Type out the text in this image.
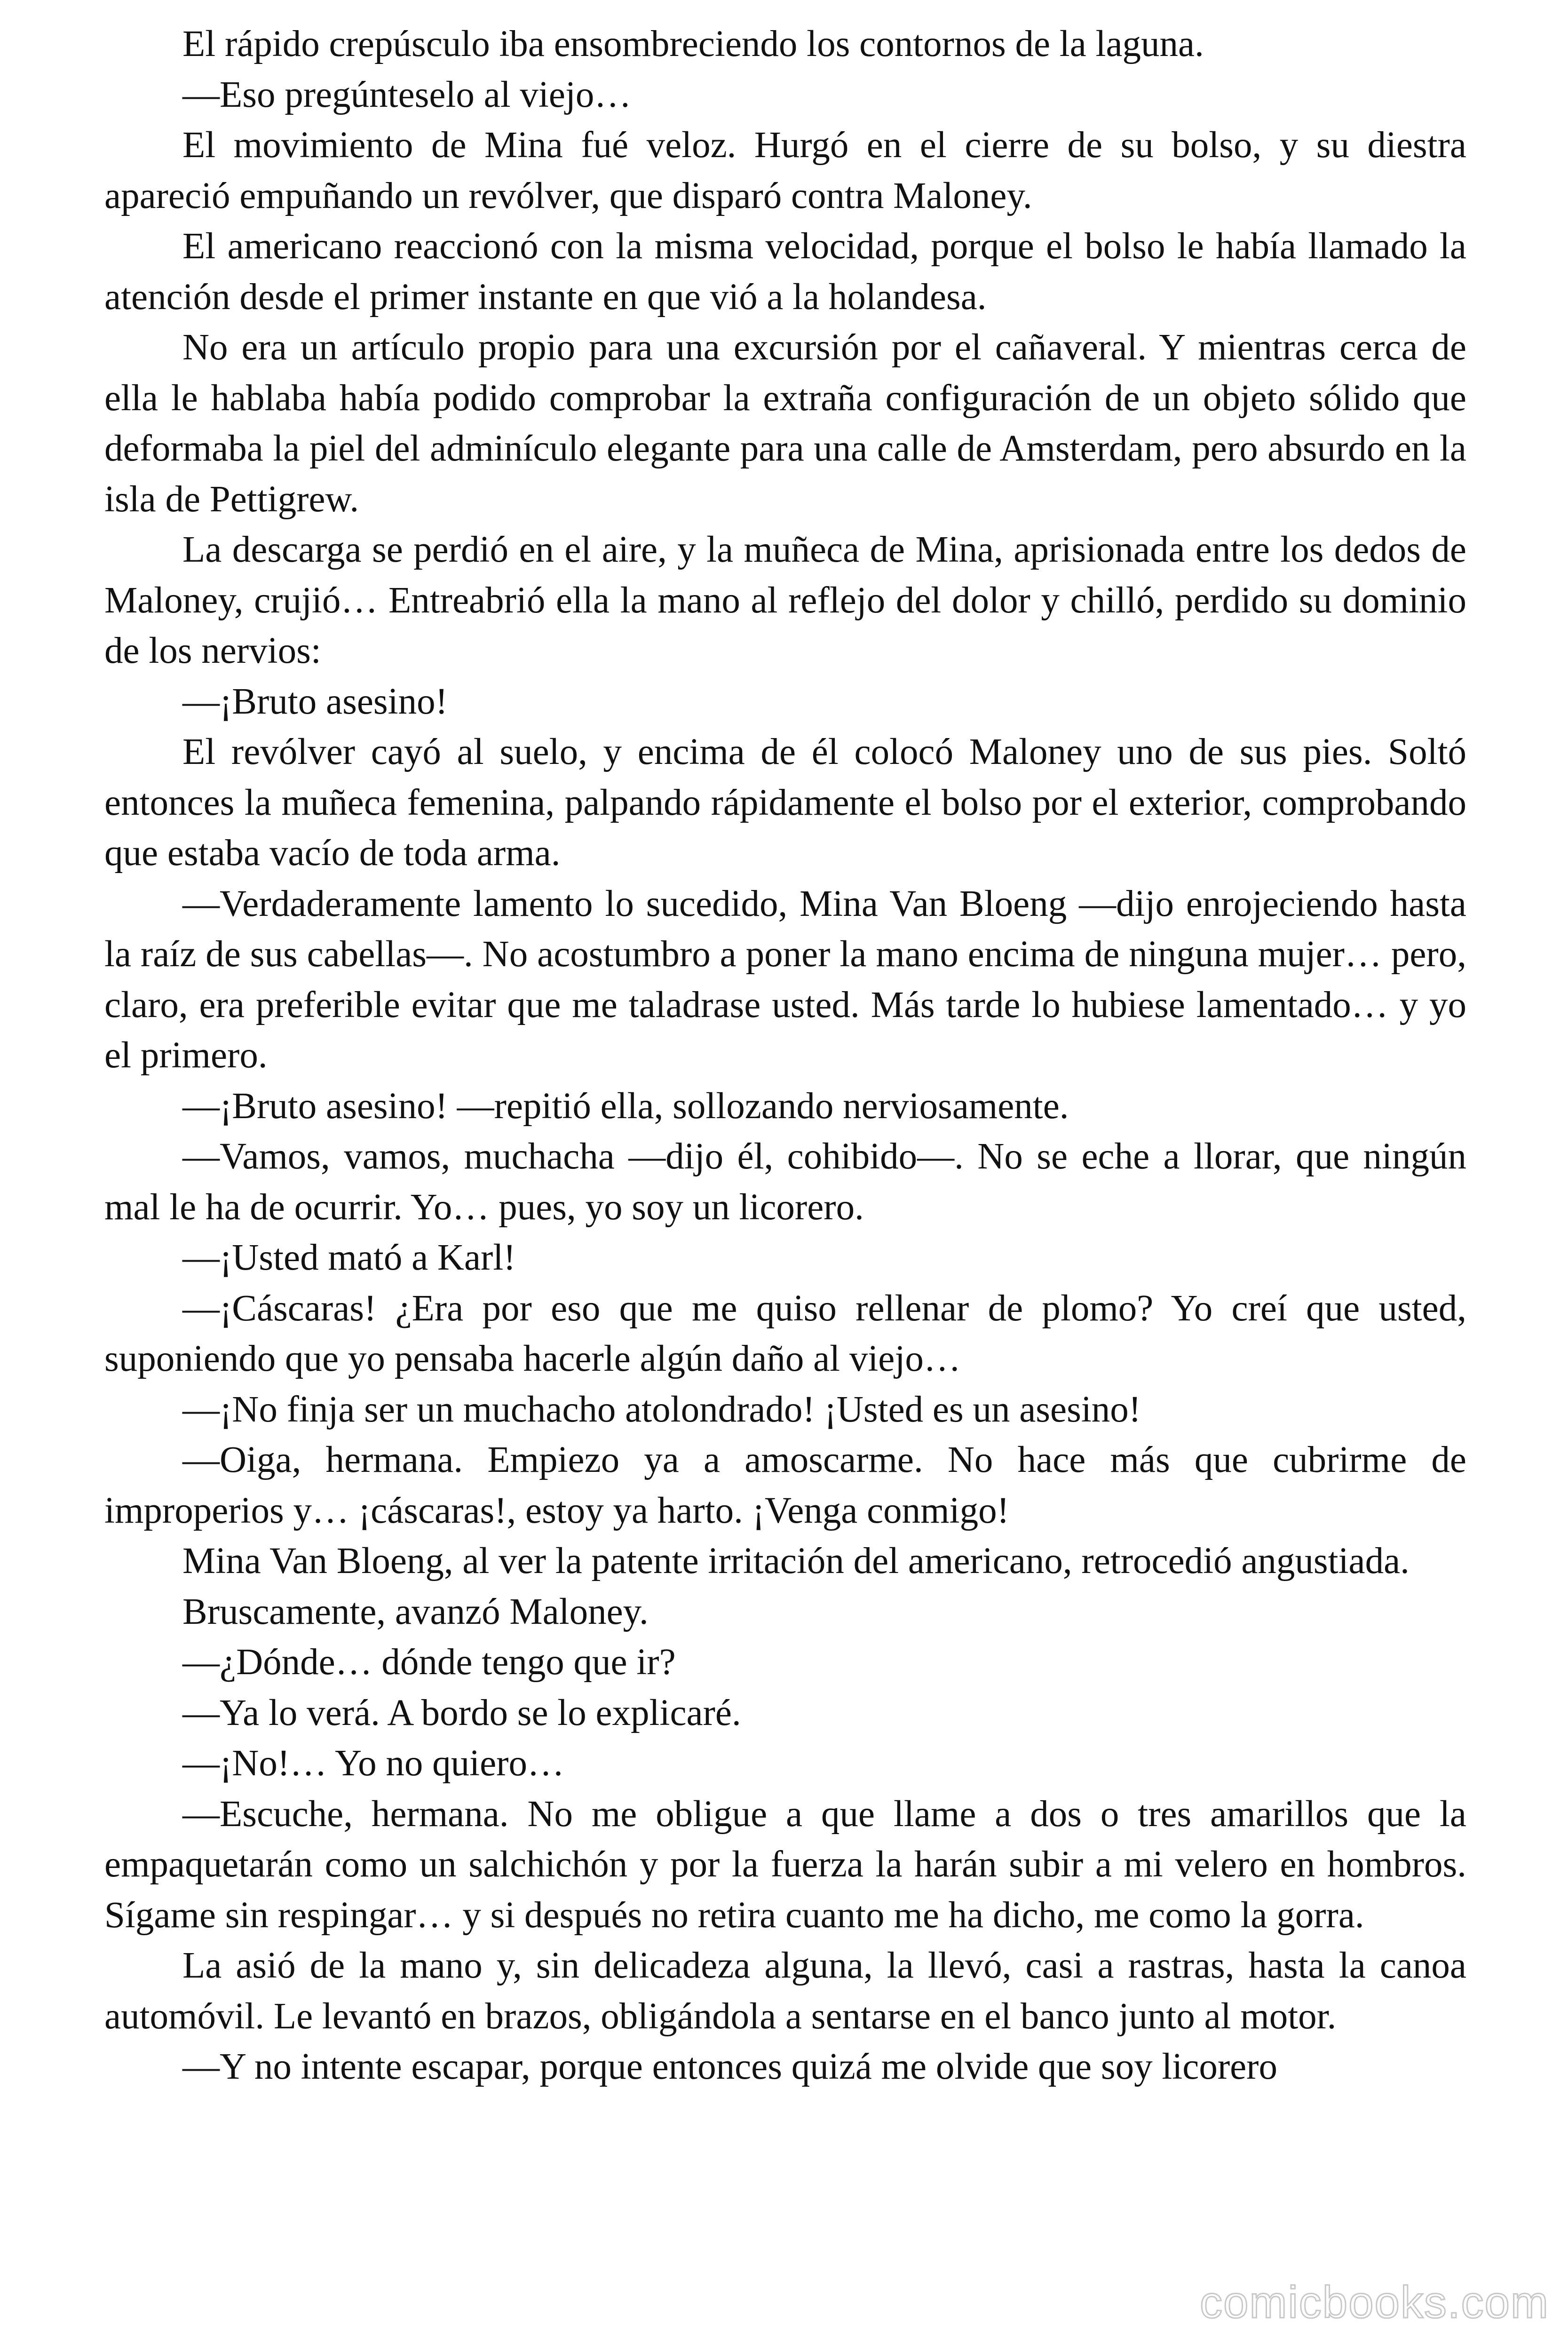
El rápido crepúsculo iba ensombreciendo los contornos de la laguna.

—Eso pregúnteselo al viejo…

El movimiento de Mina fué veloz. Hurgó en el cierre de su bolso, y su diestra apareció empuñando un revólver, que disparó contra Maloney.

El americano reaccionó con la misma velocidad, porque el bolso le había llamado la atención desde el primer instante en que vió a la holandesa.

No era un artículo propio para una excursión por el cañaveral. Y mientras cerca de ella le hablaba había podido comprobar la extraña configuración de un objeto sólido que deformaba la piel del adminículo elegante para una calle de Amsterdam, pero absurdo en la isla de Pettigrew.

La descarga se perdió en el aire, y la muñeca de Mina, aprisionada entre los dedos de Maloney, crujió… Entreabrió ella la mano al reflejo del dolor y chilló, perdido su dominio de los nervios:

—¡Bruto asesino!

El revólver cayó al suelo, y encima de él colocó Maloney uno de sus pies. Soltó entonces la muñeca femenina, palpando rápidamente el bolso por el exterior, comprobando que estaba vacío de toda arma.

—Verdaderamente lamento lo sucedido, Mina Van Bloeng —dijo enrojeciendo hasta la raíz de sus cabellas—. No acostumbro a poner la mano encima de ninguna mujer… pero, claro, era preferible evitar que me taladrase usted. Más tarde lo hubiese lamentado… y yo el primero.

—¡Bruto asesino! —repitió ella, sollozando nerviosamente.

—Vamos, vamos, muchacha —dijo él, cohibido—. No se eche a llorar, que ningún mal le ha de ocurrir. Yo… pues, yo soy un licorero.

—¡Usted mató a Karl!

—¡Cáscaras! ¿Era por eso que me quiso rellenar de plomo? Yo creí que usted, suponiendo que yo pensaba hacerle algún daño al viejo…

—¡No finja ser un muchacho atolondrado! ¡Usted es un asesino!

—Oiga, hermana. Empiezo ya a amoscarme. No hace más que cubrirme de improperios y… ¡cáscaras!, estoy ya harto. ¡Venga conmigo!

Mina Van Bloeng, al ver la patente irritación del americano, retrocedió angustiada.

Bruscamente, avanzó Maloney.

—¿Dónde… dónde tengo que ir?

—Ya lo verá. A bordo se lo explicaré.

—¡No!… Yo no quiero…

—Escuche, hermana. No me obligue a que llame a dos o tres amarillos que la empaquetarán como un salchichón y por la fuerza la harán subir a mi velero en hombros. Sígame sin respingar… y si después no retira cuanto me ha dicho, me como la gorra.

La asió de la mano y, sin delicadeza alguna, la llevó, casi a rastras, hasta la canoa automóvil. Le levantó en brazos, obligándola a sentarse en el banco junto al motor.

—Y no intente escapar, porque entonces quizá me olvide que soy licorero

comicbooks.com
